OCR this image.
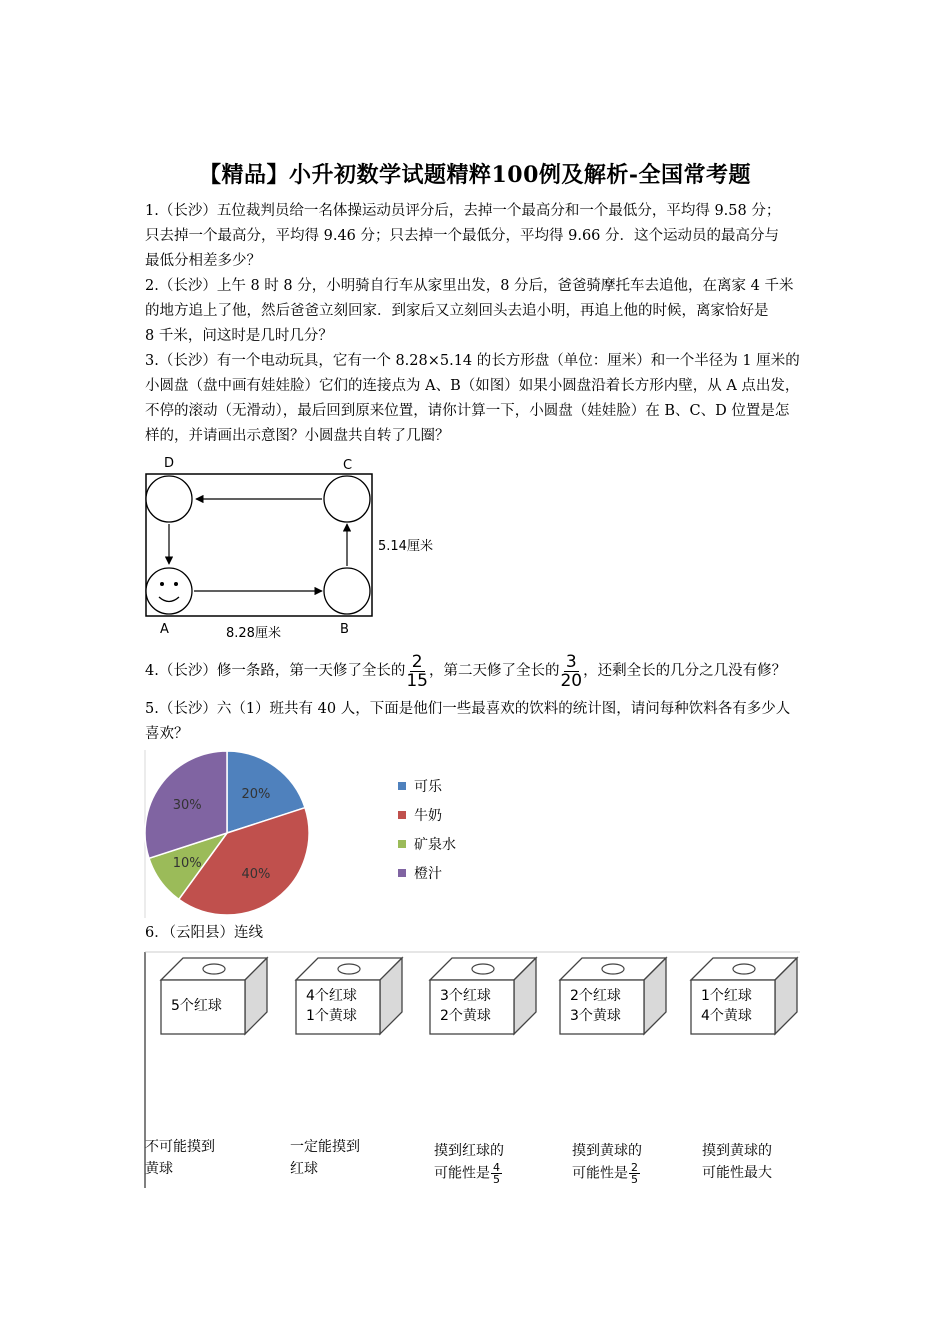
【精品】小升初数学试题精粹100例及解析-全国常考题

1.（长沙）五位裁判员给一名体操运动员评分后，去掉一个最高分和一个最低分，平均得 9.58 分；

只去掉一个最高分，平均得 9.46 分；只去掉一个最低分，平均得 9.66 分．这个运动员的最高分与

最低分相差多少？

2.（长沙）上午 8 时 8 分，小明骑自行车从家里出发，8 分后，爸爸骑摩托车去追他，在离家 4 千米

的地方追上了他，然后爸爸立刻回家．到家后又立刻回头去追小明，再追上他的时候，离家恰好是

8 千米，问这时是几时几分？

3.（长沙）有一个电动玩具，它有一个 8.28×5.14 的长方形盘（单位：厘米）和一个半径为 1 厘米的

小圆盘（盘中画有娃娃脸）它们的连接点为 A、B（如图）如果小圆盘沿着长方形内壁，从 A 点出发，

不停的滚动（无滑动），最后回到原来位置，请你计算一下，小圆盘（娃娃脸）在 B、C、D 位置是怎

样的，并请画出示意图？小圆盘共自转了几圈？

D	C
A	B
8.28厘米
5.14厘米
4.（长沙）修一条路，第一天修了全长的 $\frac{2}{15}$ ，第二天修了全长的 $\frac{3}{20}$ ，还剩全长的几分之几没有修？

5.（长沙）六（1）班共有 40 人，下面是他们一些最喜欢的饮料的统计图，请问每种饮料各有多少人

喜欢？

20%
40%
10%
30%
可乐
牛奶
矿泉水
橙汁

6．（云阳县）连线

5个红球
4个红球
1个黄球
3个红球
2个黄球
2个红球
3个黄球
1个红球
4个黄球
不可能摸到
黄球
一定能摸到
红球
摸到红球的
可能性是 $\frac{4}{5}$
摸到黄球的
可能性是 $\frac{2}{5}$
摸到黄球的
可能性最大
